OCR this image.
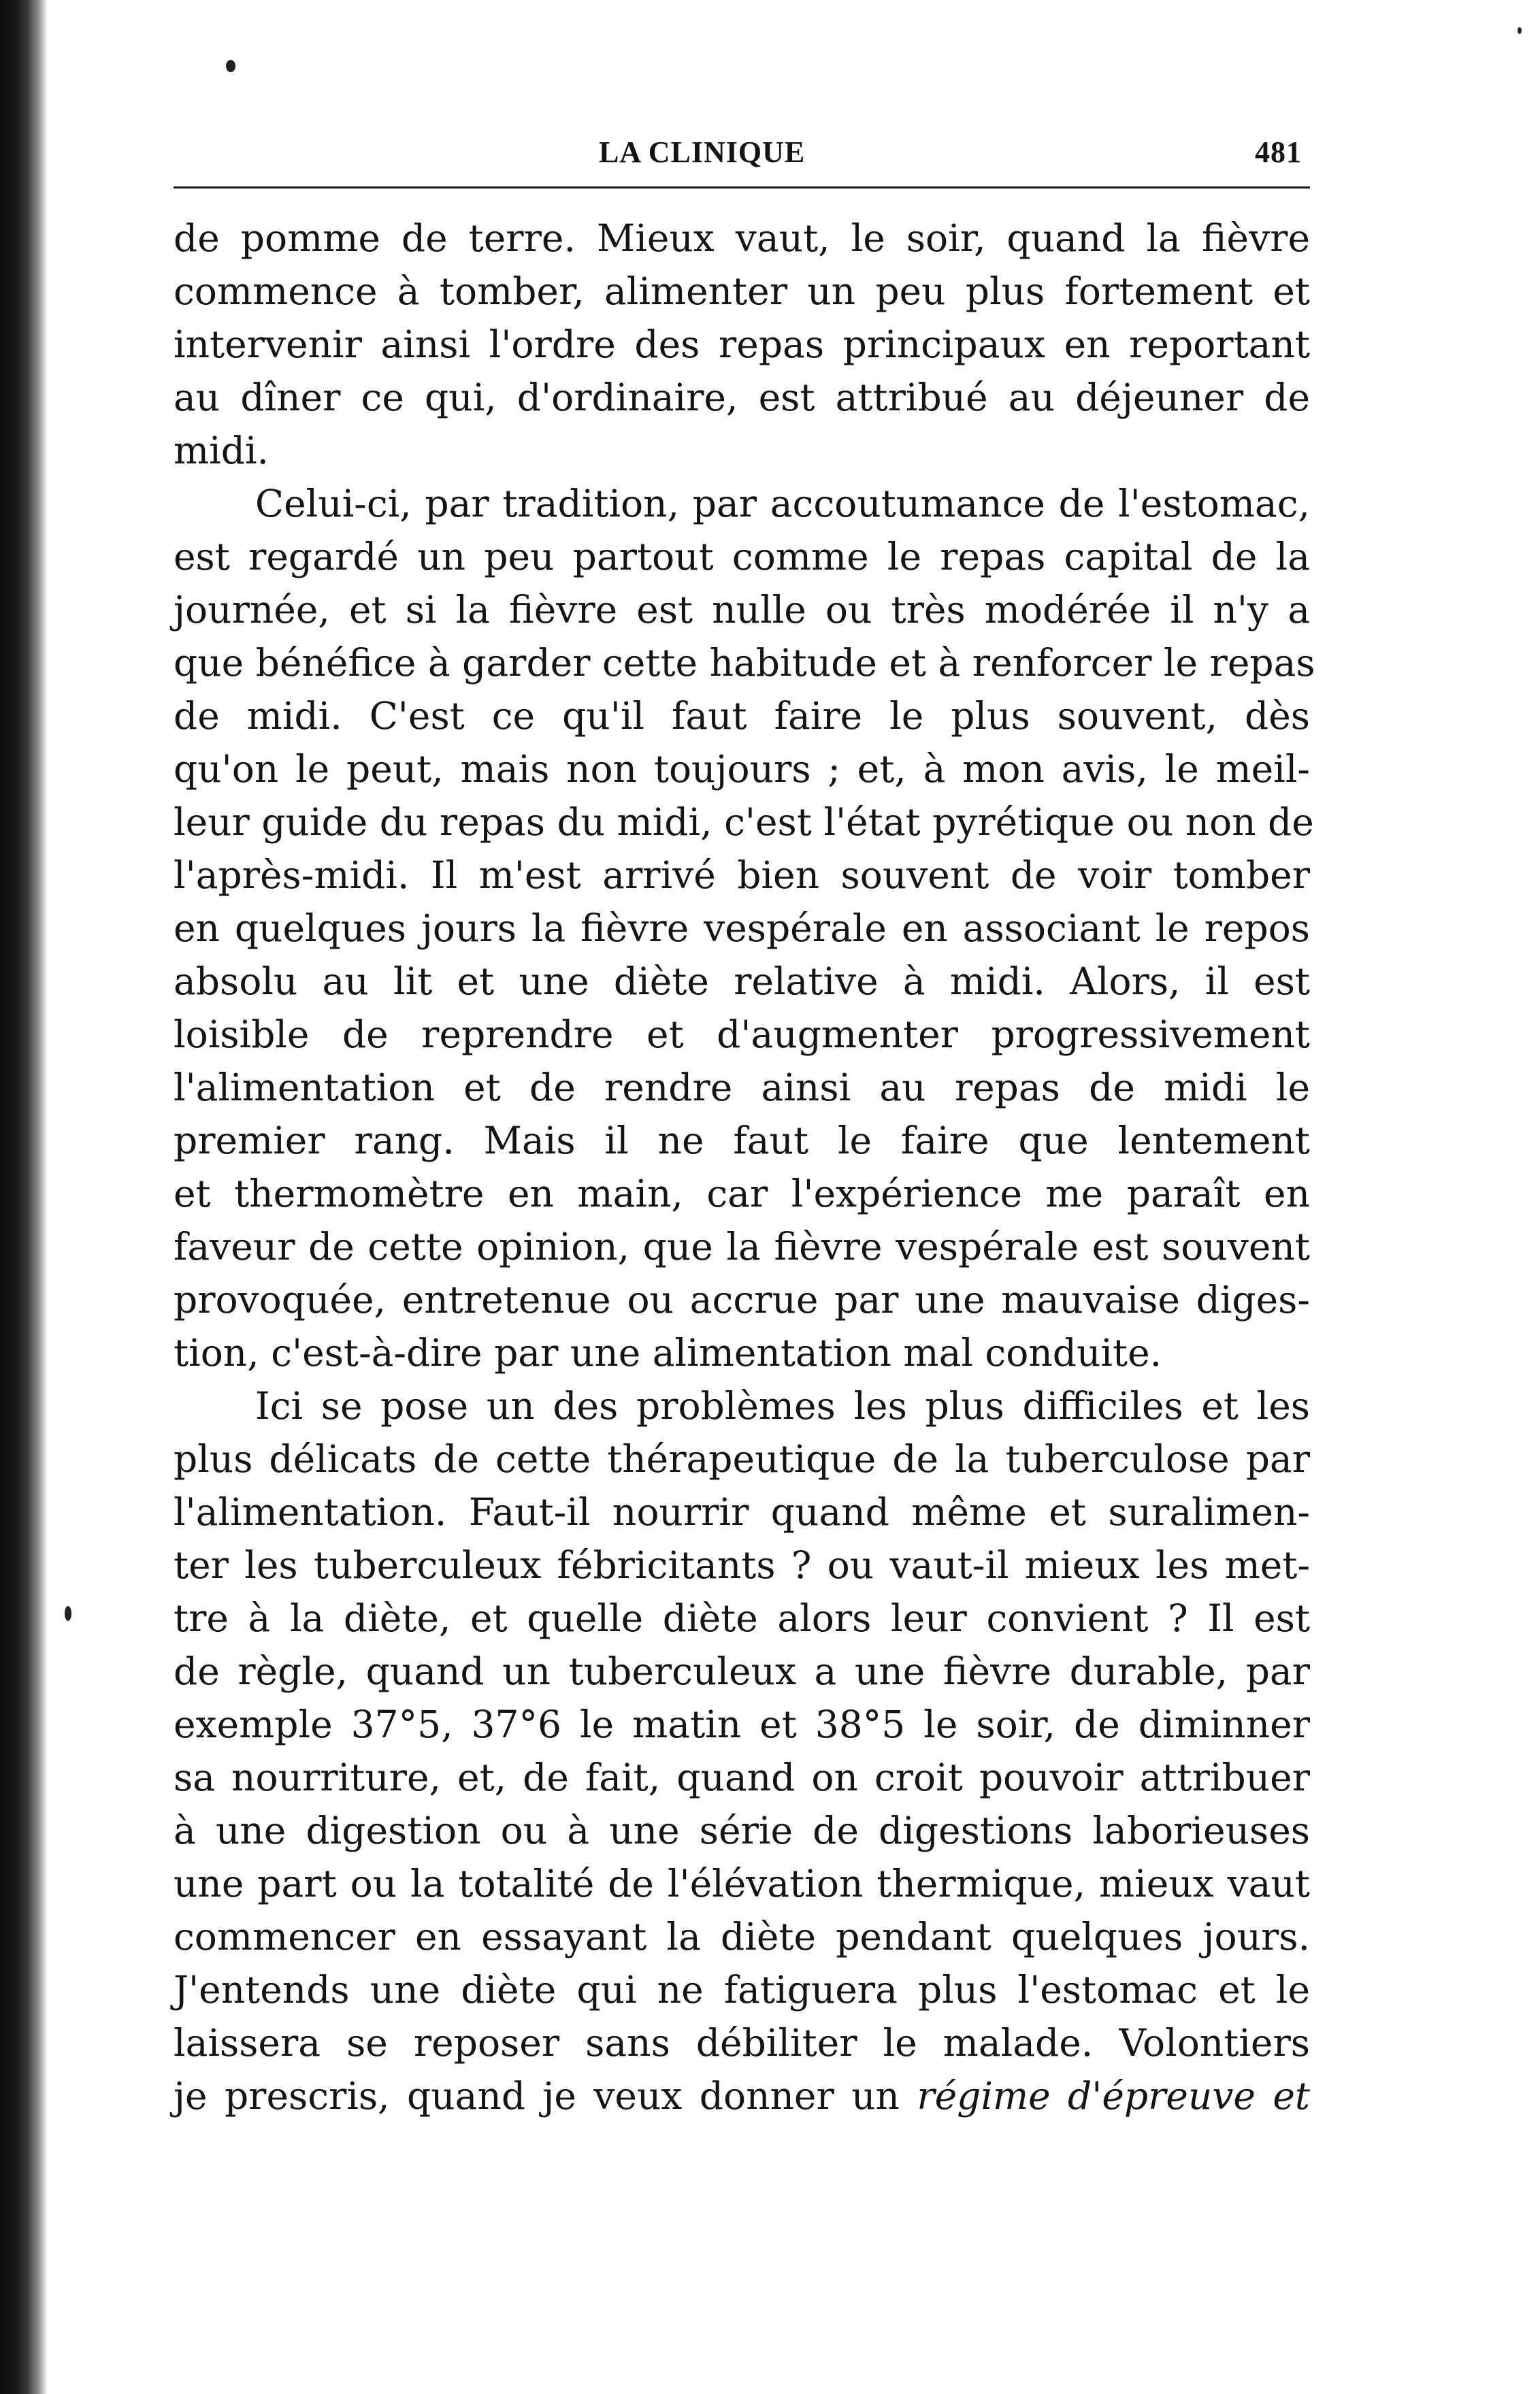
LA CLINIQUE	481
de pomme de terre. Mieux vaut, le soir, quand la fièvre
commence à tomber, alimenter un peu plus fortement et
intervenir ainsi l'ordre des repas principaux en reportant
au dîner ce qui, d'ordinaire, est attribué au déjeuner de
midi.
Celui-ci, par tradition, par accoutumance de l'estomac,
est regardé un peu partout comme le repas capital de la
journée, et si la fièvre est nulle ou très modérée il n'y a
que bénéfice à garder cette habitude et à renforcer le repas
de midi. C'est ce qu'il faut faire le plus souvent, dès
qu'on le peut, mais non toujours ; et, à mon avis, le meil-
leur guide du repas du midi, c'est l'état pyrétique ou non de
l'après-midi. Il m'est arrivé bien souvent de voir tomber
en quelques jours la fièvre vespérale en associant le repos
absolu au lit et une diète relative à midi. Alors, il est
loisible de reprendre et d'augmenter progressivement
l'alimentation et de rendre ainsi au repas de midi le
premier rang. Mais il ne faut le faire que lentement
et thermomètre en main, car l'expérience me paraît en
faveur de cette opinion, que la fièvre vespérale est souvent
provoquée, entretenue ou accrue par une mauvaise diges-
tion, c'est-à-dire par une alimentation mal conduite.
Ici se pose un des problèmes les plus difficiles et les
plus délicats de cette thérapeutique de la tuberculose par
l'alimentation. Faut-il nourrir quand même et suralimen-
ter les tuberculeux fébricitants ? ou vaut-il mieux les met-
tre à la diète, et quelle diète alors leur convient ? Il est
de règle, quand un tuberculeux a une fièvre durable, par
exemple 37°5, 37°6 le matin et 38°5 le soir, de diminner
sa nourriture, et, de fait, quand on croit pouvoir attribuer
à une digestion ou à une série de digestions laborieuses
une part ou la totalité de l'élévation thermique, mieux vaut
commencer en essayant la diète pendant quelques jours.
J'entends une diète qui ne fatiguera plus l'estomac et le
laissera se reposer sans débiliter le malade. Volontiers
je prescris, quand je veux donner un régime d'épreuve et
